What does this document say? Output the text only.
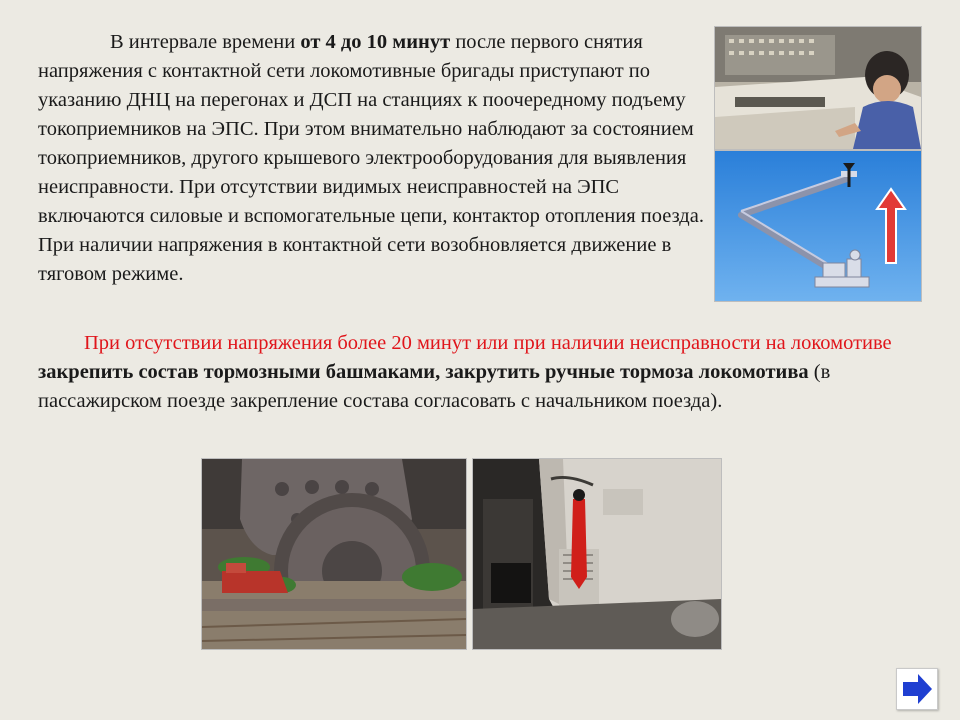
В интервале времени от 4 до 10 минут после первого снятия напряжения с контактной сети локомотивные бригады приступают по указанию ДНЦ на перегонах и ДСП на станциях к поочередному подъему токоприемников на ЭПС. При этом внимательно наблюдают за состоянием токоприемников, другого крышевого электрооборудования для выявления неисправности. При отсутствии видимых неисправностей на ЭПС включаются силовые и вспомогательные цепи, контактор отопления поезда. При наличии напряжения в контактной сети возобновляется движение в тяговом режиме.
При отсутствии напряжения более 20 минут или при наличии неисправности на локомотиве закрепить состав тормозными башмаками, закрутить ручные тормоза локомотива (в пассажирском поезде закрепление состава согласовать с начальником поезда).
